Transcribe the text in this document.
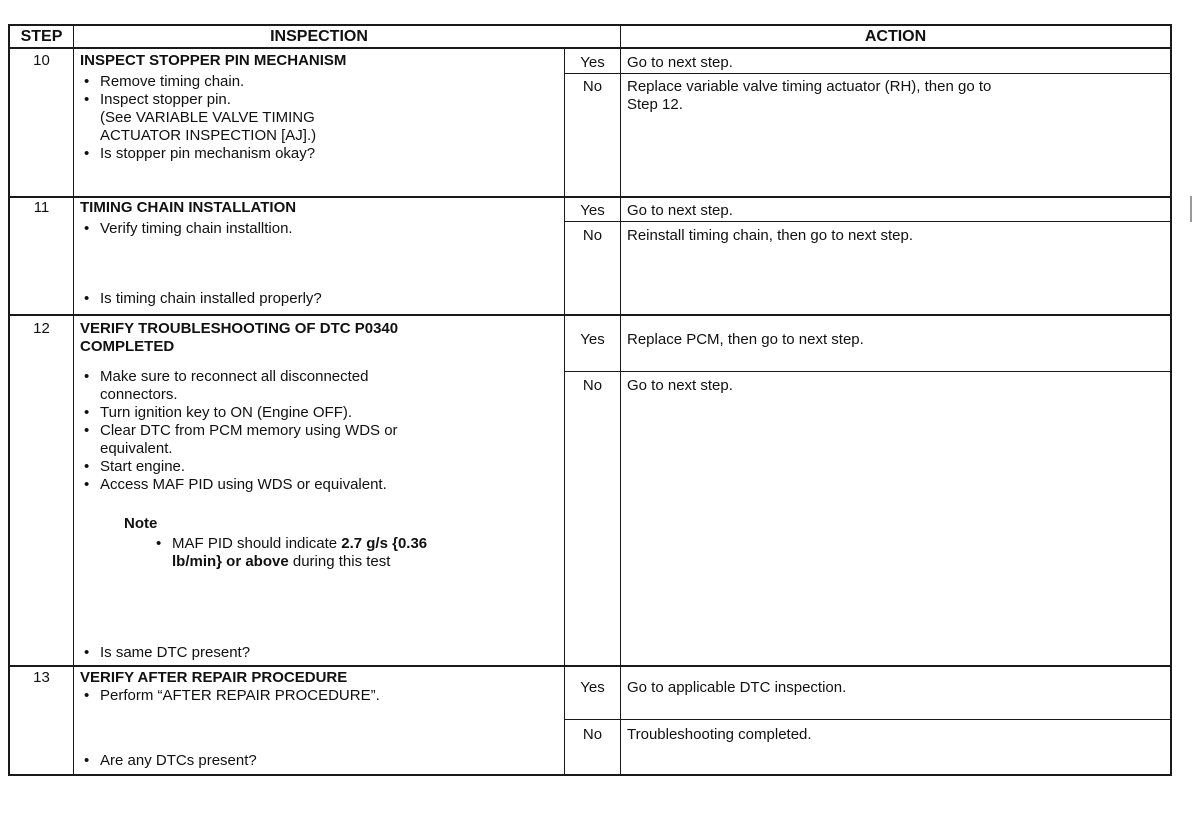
STEP	INSPECTION	ACTION
10	INSPECT STOPPER PIN MECHANISM
• Remove timing chain.
• Inspect stopper pin.
(See VARIABLE VALVE TIMING
ACTUATOR INSPECTION [AJ].)
• Is stopper pin mechanism okay?
Yes	Go to next step.
No	Replace variable valve timing actuator (RH), then go to
Step 12.
11	TIMING CHAIN INSTALLATION
• Verify timing chain installtion.
• Is timing chain installed properly?
Yes	Go to next step.
No	Reinstall timing chain, then go to next step.
12	VERIFY TROUBLESHOOTING OF DTC P0340
COMPLETED
• Make sure to reconnect all disconnected
connectors.
• Turn ignition key to ON (Engine OFF).
• Clear DTC from PCM memory using WDS or
equivalent.
• Start engine.
• Access MAF PID using WDS or equivalent.
Note
• MAF PID should indicate 2.7 g/s {0.36
lb/min} or above during this test
• Is same DTC present?
Yes	Replace PCM, then go to next step.
No	Go to next step.
13	VERIFY AFTER REPAIR PROCEDURE
• Perform “AFTER REPAIR PROCEDURE”.
• Are any DTCs present?
Yes	Go to applicable DTC inspection.
No	Troubleshooting completed.
